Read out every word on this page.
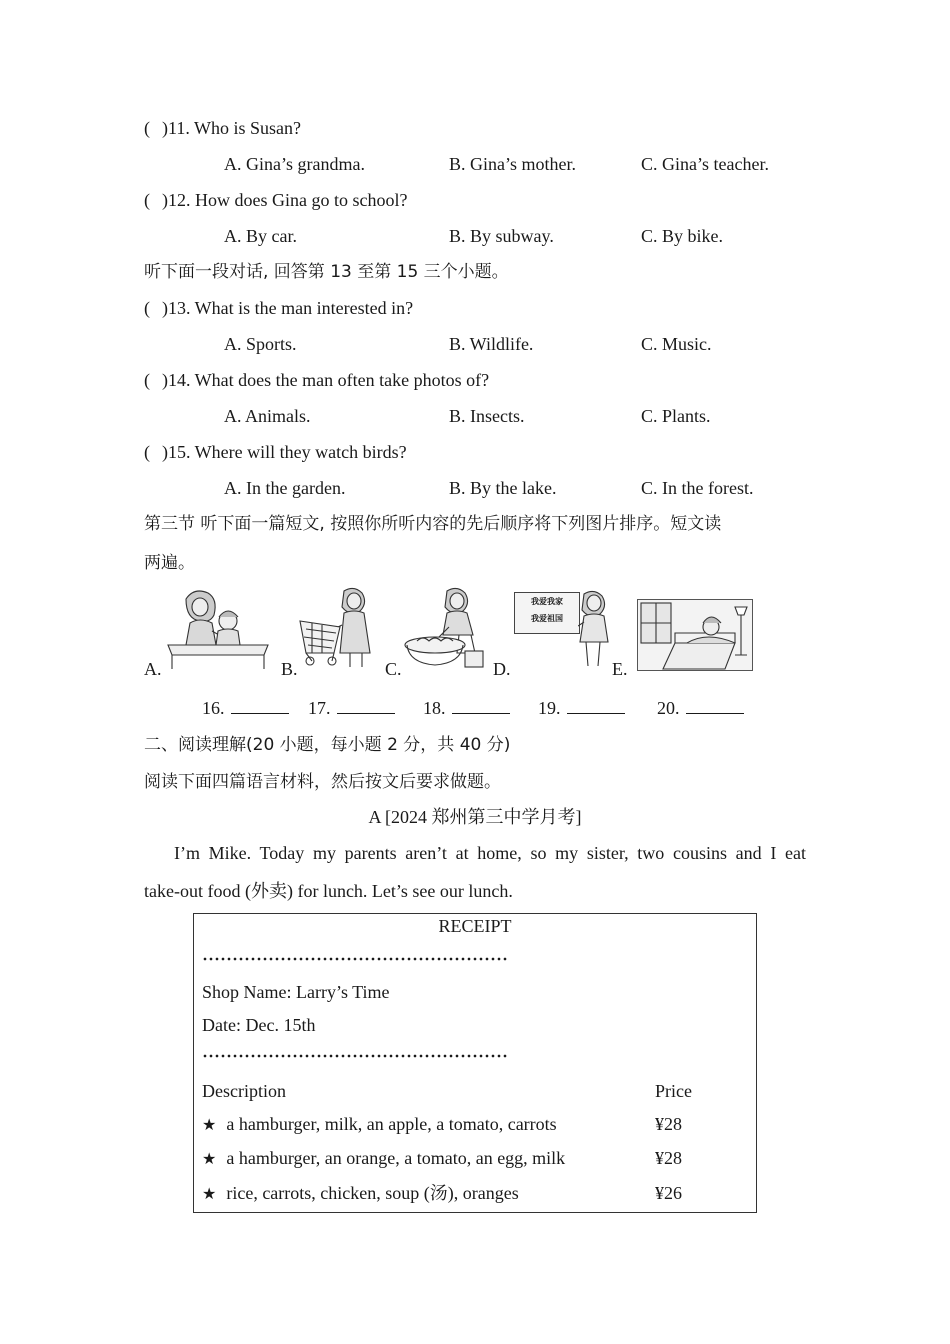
( )11. Who is Susan?
A. Gina’s grandma.	B. Gina’s mother.	C. Gina’s teacher.
( )12. How does Gina go to school?
A. By car.	B. By subway.	C. By bike.
听下面一段对话, 回答第 13 至第 15 三个小题。
( )13. What is the man interested in?
A. Sports.	B. Wildlife.	C. Music.
( )14. What does the man often take photos of?
A. Animals.	B. Insects.	C. Plants.
( )15. Where will they watch birds?
A. In the garden.	B. By the lake.	C. In the forest.
第三节 听下面一篇短文, 按照你所听内容的先后顺序将下列图片排序。短文读
两遍。
A.	B.	C.	D.	E.
我爱我家
我爱祖国
16.	17.	18.	19.	20.
二、阅读理解(20 小题，每小题 2 分，共 40 分)
阅读下面四篇语言材料，然后按文后要求做题。
A [2024 郑州第三中学月考]
I’m Mike. Today my parents aren’t at home, so my sister, two cousins and I eat
take-out food (外卖) for lunch. Let’s see our lunch.
RECEIPT
Shop Name: Larry’s Time
Date: Dec. 15th
Description	Price
★ a hamburger, milk, an apple, a tomato, carrots	¥28
★ a hamburger, an orange, a tomato, an egg, milk	¥28
★ rice, carrots, chicken, soup (汤), oranges	¥26
